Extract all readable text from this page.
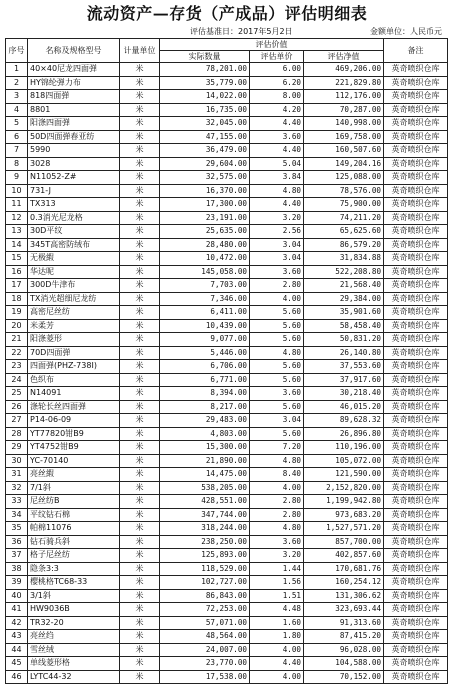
流动资产—存货（产成品）评估明细表
评估基准日：2017年5月2日	金额单位：人民币元
序号	名称及规格型号	计量单位	评估价值			备注
			实际数量	评估单价	评估净值	
1	40×40尼龙四面弹	米	78,201.00	6.00	469,206.00	英奇喷织仓库
2	HY锦纶弹力布	米	35,779.00	6.20	221,829.80	英奇喷织仓库
3	818四面弹	米	14,022.00	8.00	112,176.00	英奇喷织仓库
4	8801	米	16,735.00	4.20	70,287.00	英奇喷织仓库
5	阳涤四面弹	米	32,045.00	4.40	140,998.00	英奇喷织仓库
6	50D四面弹春亚纺	米	47,155.00	3.60	169,758.00	英奇喷织仓库
7	5990	米	36,479.00	4.40	160,507.60	英奇喷织仓库
8	3028	米	29,604.00	5.04	149,204.16	英奇喷织仓库
9	N11052-Z#	米	32,575.00	3.84	125,088.00	英奇喷织仓库
10	731-J	米	16,370.00	4.80	78,576.00	英奇喷织仓库
11	TX313	米	17,300.00	4.40	75,900.00	英奇喷织仓库
12	0.3消光尼龙格	米	23,191.00	3.20	74,211.20	英奇喷织仓库
13	30D平纹	米	25,635.00	2.56	65,625.60	英奇喷织仓库
14	345T高密防绒布	米	28,480.00	3.04	86,579.20	英奇喷织仓库
15	无极縀	米	10,472.00	3.04	31,834.88	英奇喷织仓库
16	华达呢	米	145,058.00	3.60	522,208.80	英奇喷织仓库
17	300D牛津布	米	7,703.00	2.80	21,568.40	英奇喷织仓库
18	TX消光超细尼龙纺	米	7,346.00	4.00	29,384.00	英奇喷织仓库
19	高密尼丝纺	米	6,411.00	5.60	35,901.60	英奇喷织仓库
20	米柔芳	米	10,439.00	5.60	58,458.40	英奇喷织仓库
21	阳涤菱形	米	9,077.00	5.60	50,831.20	英奇喷织仓库
22	70D四面弹	米	5,446.00	4.80	26,140.80	英奇喷织仓库
23	四面弹(PHZ-738I)	米	6,706.00	5.60	37,553.60	英奇喷织仓库
24	色织布	米	6,771.00	5.60	37,917.60	英奇喷织仓库
25	N14091	米	8,394.00	3.60	30,218.40	英奇喷织仓库
26	涤轮长丝四面弹	米	8,217.00	5.60	46,015.20	英奇喷织仓库
27	P14-06-09	米	29,483.00	3.04	89,628.32	英奇喷织仓库
28	YT77820钳B9	米	4,803.00	5.60	26,896.80	英奇喷织仓库
29	YT4752钳B9	米	15,300.00	7.20	110,196.00	英奇喷织仓库
30	YC-70140	米	21,890.00	4.80	105,072.00	英奇喷织仓库
31	亮丝縀	米	14,475.00	8.40	121,590.00	英奇喷织仓库
32	7/1斜	米	538,205.00	4.00	2,152,820.00	英奇喷织仓库
33	尼丝纺B	米	428,551.00	2.80	1,199,942.80	英奇喷织仓库
34	平纹钻石棉	米	347,744.00	2.80	973,683.20	英奇喷织仓库
35	帕棉11076	米	318,244.00	4.80	1,527,571.20	英奇喷织仓库
36	钻石骑兵斜	米	238,250.00	3.60	857,700.00	英奇喷织仓库
37	格子尼丝纺	米	125,893.00	3.20	402,857.60	英奇喷织仓库
38	隐条3:3	米	118,529.00	1.44	170,681.76	英奇喷织仓库
39	樱桃格TC68-33	米	102,727.00	1.56	160,254.12	英奇喷织仓库
40	3/1斜	米	86,843.00	1.51	131,306.62	英奇喷织仓库
41	HW9036B	米	72,253.00	4.48	323,693.44	英奇喷织仓库
42	TR32-20	米	57,071.00	1.60	91,313.60	英奇喷织仓库
43	亮丝绉	米	48,564.00	1.80	87,415.20	英奇喷织仓库
44	雪丝绒	米	24,007.00	4.00	96,028.00	英奇喷织仓库
45	单线菱形格	米	23,770.00	4.40	104,588.00	英奇喷织仓库
46	LYTC44-32	米	17,538.00	4.00	70,152.00	英奇喷织仓库
